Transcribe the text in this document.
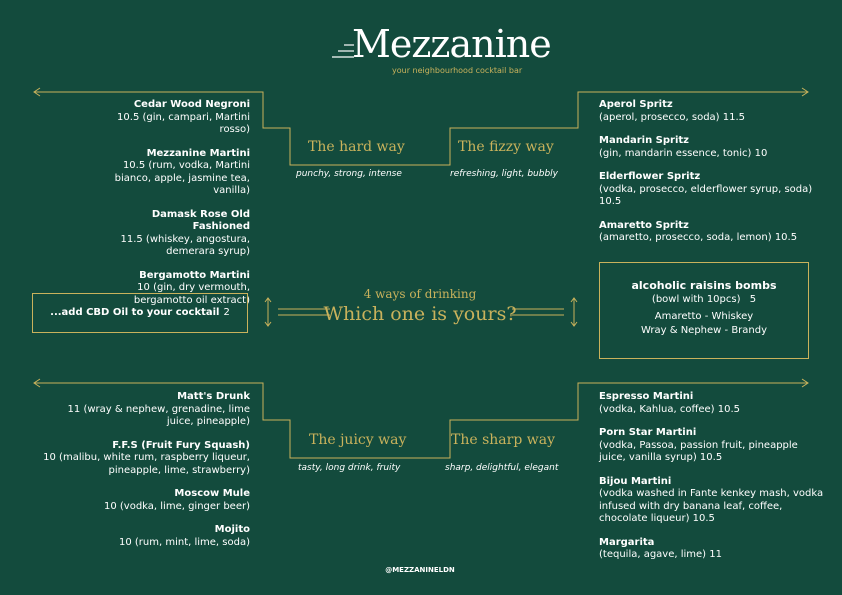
Mezzanine
your neighbourhood cocktail bar
Cedar Wood Negroni
10.5 (gin, campari, Martini rosso)
Mezzanine Martini
10.5 (rum, vodka, Martini bianco, apple, jasmine tea, vanilla)
Damask Rose Old Fashioned
11.5 (whiskey, angostura, demerara syrup)
Bergamotto Martini
10 (gin, dry vermouth, bergamotto oil extract)
Aperol Spritz
(aperol, prosecco, soda) 11.5
Mandarin Spritz
(gin, mandarin essence, tonic) 10
Elderflower Spritz
(vodka, prosecco, elderflower syrup, soda) 10.5
Amaretto Spritz
(amaretto, prosecco, soda, lemon) 10.5
The hard way	The fizzy way
punchy, strong, intense	refreshing, light, bubbly
...add CBD Oil to your cocktail 2
4 ways of drinking
Which one is yours?
alcoholic raisins bombs
(bowl with 10pcs) 5
Amaretto - Whiskey
Wray & Nephew - Brandy
Matt's Drunk
11 (wray & nephew, grenadine, lime juice, pineapple)
F.F.S (Fruit Fury Squash)
10 (malibu, white rum, raspberry liqueur, pineapple, lime, strawberry)
Moscow Mule
10 (vodka, lime, ginger beer)
Mojito
10 (rum, mint, lime, soda)
Espresso Martini
(vodka, Kahlua, coffee) 10.5
Porn Star Martini
(vodka, Passoa, passion fruit, pineapple juice, vanilla syrup) 10.5
Bijou Martini
(vodka washed in Fante kenkey mash, vodka infused with dry banana leaf, coffee, chocolate liqueur) 10.5
Margarita
(tequila, agave, lime) 11
The juicy way	The sharp way
tasty, long drink, fruity	sharp, delightful, elegant
@MEZZANINELDN
